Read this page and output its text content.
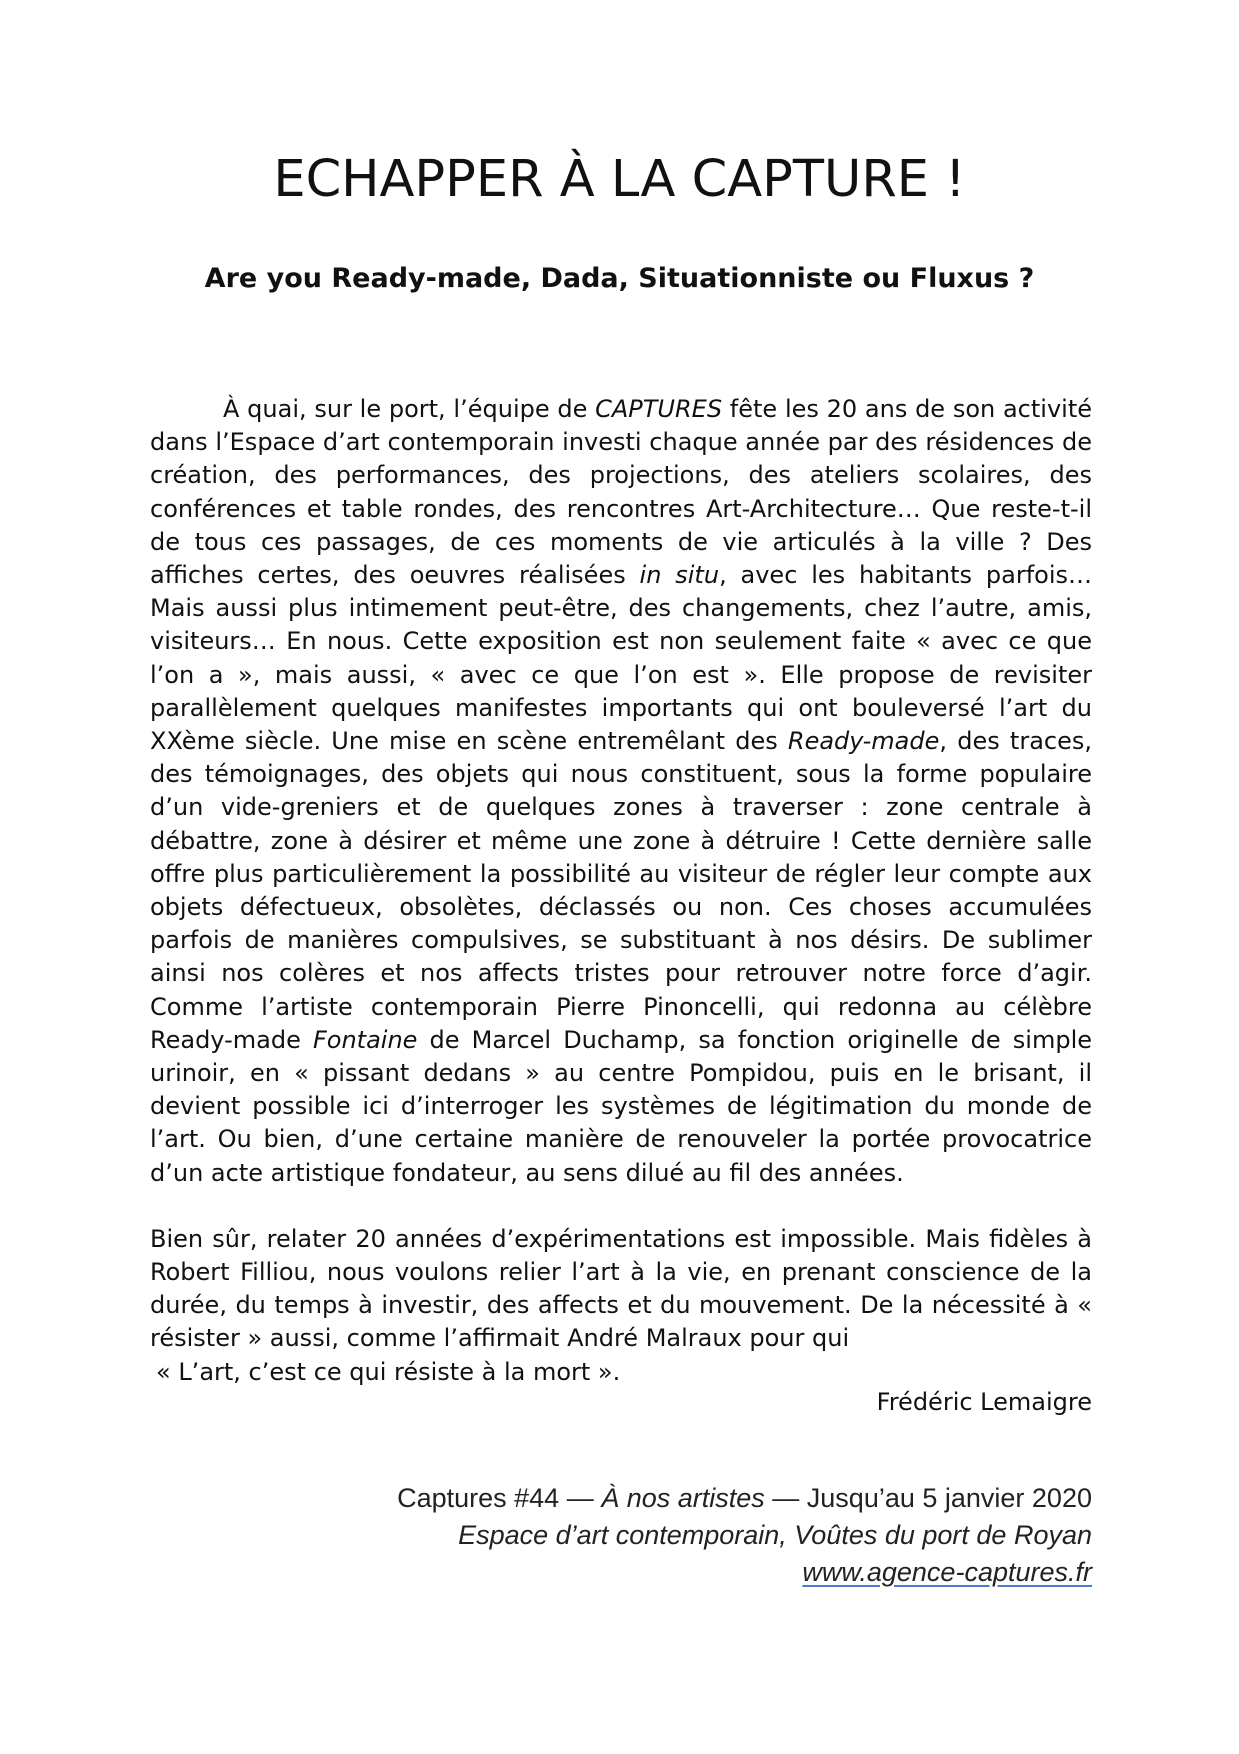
ECHAPPER À LA CAPTURE !
Are you Ready-made, Dada, Situationniste ou Fluxus ?

À quai, sur le port, l’équipe de CAPTURES fête les 20 ans de son activité dans l’Espace d’art contemporain investi chaque année par des résidences de création, des performances, des projections, des ateliers scolaires, des conférences et table rondes, des rencontres Art-Architecture… Que reste-t-il de tous ces passages, de ces moments de vie articulés à la ville ? Des affiches certes, des oeuvres réalisées in situ, avec les habitants parfois… Mais aussi plus intimement peut-être, des changements, chez l’autre, amis, visiteurs… En nous. Cette exposition est non seulement faite « avec ce que l’on a », mais aussi, « avec ce que l’on est ». Elle propose de revisiter parallèlement quelques manifestes importants qui ont bouleversé l’art du XXème siècle. Une mise en scène entremêlant des Ready-made, des traces, des témoignages, des objets qui nous constituent, sous la forme populaire d’un vide-greniers et de quelques zones à traverser : zone centrale à débattre, zone à désirer et même une zone à détruire ! Cette dernière salle offre plus particulièrement la possibilité au visiteur de régler leur compte aux objets défectueux, obsolètes, déclassés ou non. Ces choses accumulées parfois de manières compulsives, se substituant à nos désirs. De sublimer ainsi nos colères et nos affects tristes pour retrouver notre force d’agir. Comme l’artiste contemporain Pierre Pinoncelli, qui redonna au célèbre Ready-made Fontaine de Marcel Duchamp, sa fonction originelle de simple urinoir, en « pissant dedans » au centre Pompidou, puis en le brisant, il devient possible ici d’interroger les systèmes de légitimation du monde de l’art. Ou bien, d’une certaine manière de renouveler la portée provocatrice d’un acte artistique fondateur, au sens dilué au fil des années.

Bien sûr, relater 20 années d’expérimentations est impossible. Mais fidèles à Robert Filliou, nous voulons relier l’art à la vie, en prenant conscience de la durée, du temps à investir, des affects et du mouvement. De la nécessité à « résister » aussi, comme l’affirmait André Malraux pour qui
« L’art, c’est ce qui résiste à la mort ».

Frédéric Lemaigre
Captures #44 — À nos artistes — Jusqu’au 5 janvier 2020
Espace d’art contemporain, Voûtes du port de Royan
www.agence-captures.fr
